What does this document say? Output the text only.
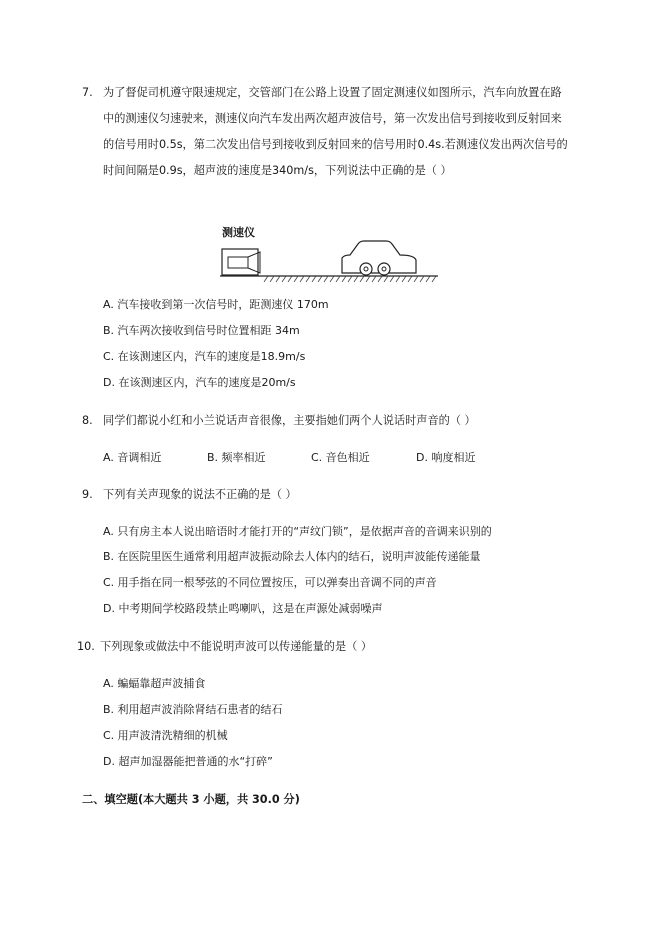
7. 为了督促司机遵守限速规定，交管部门在公路上设置了固定测速仪如图所示，汽车向放置在路
中的测速仪匀速驶来，测速仪向汽车发出两次超声波信号，第一次发出信号到接收到反射回来
的信号用时0.5s，第二次发出信号到接收到反射回来的信号用时0.4s.若测速仪发出两次信号的
时间间隔是0.9s，超声波的速度是340m/s，下列说法中正确的是（ ）
测速仪
A. 汽车接收到第一次信号时，距测速仪 170m
B. 汽车两次接收到信号时位置相距 34m
C. 在该测速区内，汽车的速度是18.9m/s
D. 在该测速区内，汽车的速度是20m/s
8. 同学们都说小红和小兰说话声音很像，主要指她们两个人说话时声音的（ ）
A. 音调相近	B. 频率相近	C. 音色相近	D. 响度相近
9. 下列有关声现象的说法不正确的是（ ）
A. 只有房主本人说出暗语时才能打开的“声纹门锁”，是依据声音的音调来识别的
B. 在医院里医生通常利用超声波振动除去人体内的结石，说明声波能传递能量
C. 用手指在同一根琴弦的不同位置按压，可以弹奏出音调不同的声音
D. 中考期间学校路段禁止鸣喇叭，这是在声源处减弱噪声
10. 下列现象或做法中不能说明声波可以传递能量的是（ ）
A. 蝙蝠靠超声波捕食
B. 利用超声波消除肾结石患者的结石
C. 用声波清洗精细的机械
D. 超声加湿器能把普通的水“打碎”
二、填空题(本大题共 3 小题，共 30.0 分)
